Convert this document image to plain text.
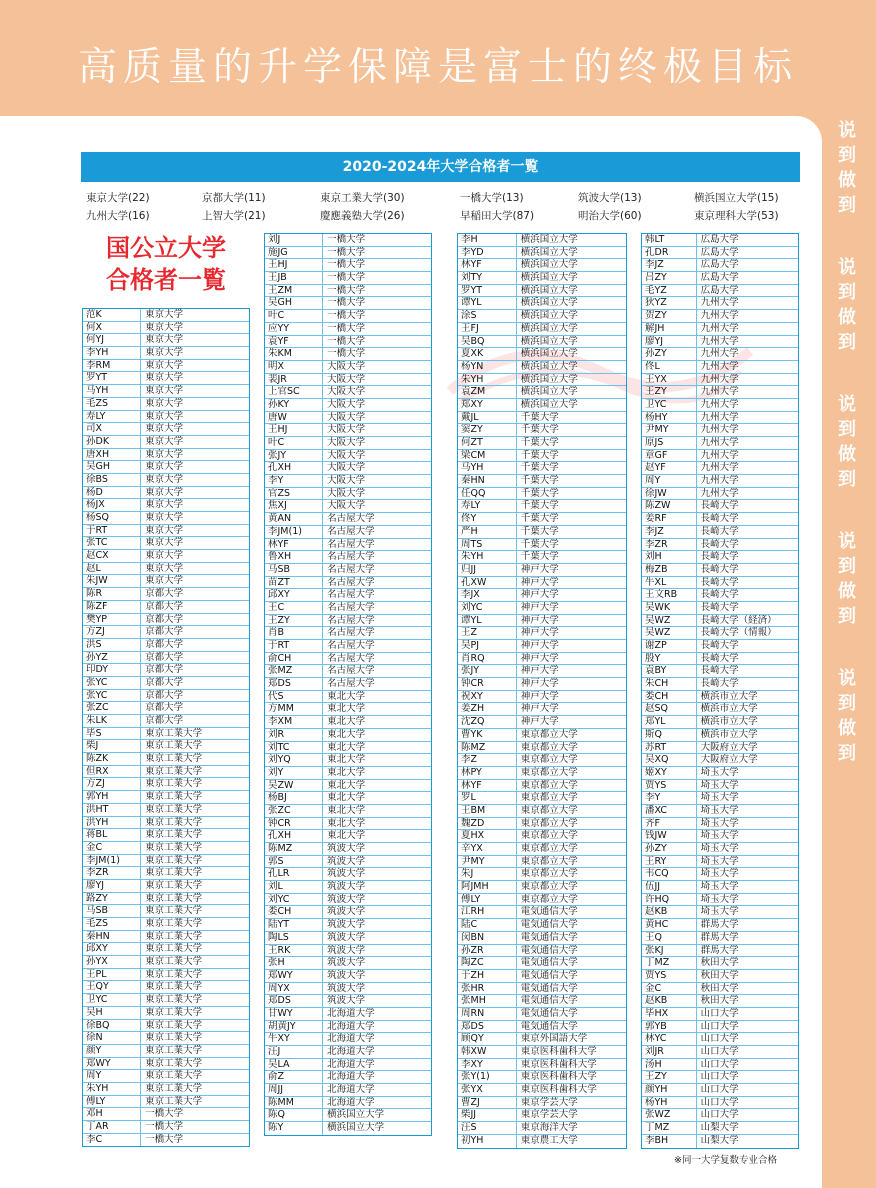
高质量的升学保障是富士的终极目标
说
到
做
到
说
到
做
到
说
到
做
到
说
到
做
到
说
到
做
到
2020-2024年大学合格者一覧
東京大学(22)	京都大学(11)	東京工業大学(30)	一橋大学(13)	筑波大学(13)	横浜国立大学(15)
九州大学(16)	上智大学(21)	慶應義塾大学(26)	早稲田大学(87)	明治大学(60)	東京理科大学(53)
国公立大学
合格者一覧
范K	東京大学
何X	東京大学
何YJ	東京大学
李YH	東京大学
李RM	東京大学
罗YT	東京大学
马YH	東京大学
毛ZS	東京大学
寿LY	東京大学
司X	東京大学
孙DK	東京大学
唐XH	東京大学
吴GH	東京大学
徐BS	東京大学
杨D	東京大学
杨JX	東京大学
杨SQ	東京大学
于RT	東京大学
张TC	東京大学
赵CX	東京大学
赵L	東京大学
朱JW	東京大学
陈R	京都大学
陈ZF	京都大学
樊YP	京都大学
方ZJ	京都大学
洪S	京都大学
孙YZ	京都大学
印DY	京都大学
张YC	京都大学
张YC	京都大学
张ZC	京都大学
朱LK	京都大学
毕S	東京工業大学
柴J	東京工業大学
陈ZK	東京工業大学
但RX	東京工業大学
方ZJ	東京工業大学
郭YH	東京工業大学
洪HT	東京工業大学
洪YH	東京工業大学
蒋BL	東京工業大学
金C	東京工業大学
李JM(1)	東京工業大学
李ZR	東京工業大学
廖YJ	東京工業大学
路ZY	東京工業大学
马SB	東京工業大学
毛ZS	東京工業大学
秦HN	東京工業大学
邱XY	東京工業大学
孙YX	東京工業大学
王PL	東京工業大学
王QY	東京工業大学
卫YC	東京工業大学
吴H	東京工業大学
徐BQ	東京工業大学
徐N	東京工業大学
颜Y	東京工業大学
郑WY	東京工業大学
周Y	東京工業大学
朱YH	東京工業大学
傅LY	東京工業大学
邓H	一橋大学
丁AR	一橋大学
李C	一橋大学
刘J	一橋大学
施JG	一橋大学
王HJ	一橋大学
王JB	一橋大学
王ZM	一橋大学
吴GH	一橋大学
叶C	一橋大学
应YY	一橋大学
袁YF	一橋大学
朱KM	一橋大学
明X	大阪大学
裴JR	大阪大学
上官SC	大阪大学
孙KY	大阪大学
唐W	大阪大学
王HJ	大阪大学
叶C	大阪大学
张JY	大阪大学
孔XH	大阪大学
李Y	大阪大学
官ZS	大阪大学
焦XJ	大阪大学
黄AN	名古屋大学
李JM(1)	名古屋大学
林YF	名古屋大学
鲁XH	名古屋大学
马SB	名古屋大学
苗ZT	名古屋大学
邱XY	名古屋大学
王C	名古屋大学
王ZY	名古屋大学
肖B	名古屋大学
于RT	名古屋大学
俞CH	名古屋大学
张MZ	名古屋大学
郑DS	名古屋大学
代S	東北大学
方MM	東北大学
李XM	東北大学
刘R	東北大学
刘TC	東北大学
刘YQ	東北大学
刘Y	東北大学
吴ZW	東北大学
杨BJ	東北大学
张ZC	東北大学
钟CR	東北大学
孔XH	東北大学
陈MZ	筑波大学
郭S	筑波大学
孔LR	筑波大学
刘L	筑波大学
刘YC	筑波大学
娄CH	筑波大学
陆YT	筑波大学
陶LS	筑波大学
王RK	筑波大学
张H	筑波大学
郑WY	筑波大学
周YX	筑波大学
郑DS	筑波大学
甘WY	北海道大学
胡黄JY	北海道大学
牛XY	北海道大学
汪J	北海道大学
吴LA	北海道大学
俞Z	北海道大学
周JJ	北海道大学
陈MM	北海道大学
陈Q	横浜国立大学
陈Y	横浜国立大学
李H	横浜国立大学
李YD	横浜国立大学
林YF	横浜国立大学
刘TY	横浜国立大学
罗YT	横浜国立大学
谭YL	横浜国立大学
涂S	横浜国立大学
王FJ	横浜国立大学
吴BQ	横浜国立大学
夏XK	横浜国立大学
杨YN	横浜国立大学
朱YH	横浜国立大学
袁ZM	横浜国立大学
郑XY	横浜国立大学
戴JL	千葉大学
窦ZY	千葉大学
何ZT	千葉大学
梁CM	千葉大学
马YH	千葉大学
秦HN	千葉大学
任QQ	千葉大学
寿LY	千葉大学
佟Y	千葉大学
严H	千葉大学
周TS	千葉大学
朱YH	千葉大学
归JJ	神戸大学
孔XW	神戸大学
李JX	神戸大学
刘YC	神戸大学
谭YL	神戸大学
王Z	神戸大学
吴PJ	神戸大学
肖RQ	神戸大学
张JY	神戸大学
钟CR	神戸大学
祝XY	神戸大学
姜ZH	神戸大学
沈ZQ	神戸大学
曹YK	東京都立大学
陈MZ	東京都立大学
李Z	東京都立大学
林PY	東京都立大学
林YF	東京都立大学
罗L	東京都立大学
王BM	東京都立大学
魏ZD	東京都立大学
夏HX	東京都立大学
辛YX	東京都立大学
尹MY	東京都立大学
朱J	東京都立大学
阿JMH	東京都立大学
傅LY	東京都立大学
江RH	電気通信大学
陆C	電気通信大学
闵BN	電気通信大学
孙ZR	電気通信大学
陶ZC	電気通信大学
于ZH	電気通信大学
张HR	電気通信大学
张MH	電気通信大学
周RN	電気通信大学
郑DS	電気通信大学
顾QY	東京外国語大学
韩XW	東京医科歯科大学
李XY	東京医科歯科大学
张Y(1)	東京医科歯科大学
张YX	東京医科歯科大学
曹ZJ	東京学芸大学
柴JJ	東京学芸大学
汪S	東京海洋大学
初YH	東京農工大学
韩LT	広島大学
孔DR	広島大学
李JZ	広島大学
吕ZY	広島大学
毛YZ	広島大学
狄YZ	九州大学
贺ZY	九州大学
解JH	九州大学
廖YJ	九州大学
孙ZY	九州大学
佟L	九州大学
王YX	九州大学
王ZY	九州大学
卫YC	九州大学
杨HY	九州大学
尹MY	九州大学
原JS	九州大学
章GF	九州大学
赵YF	九州大学
周Y	九州大学
徐JW	九州大学
陈ZW	長崎大学
姜RF	長崎大学
李JZ	長崎大学
李ZR	長崎大学
刘H	長崎大学
梅ZB	長崎大学
牛XL	長崎大学
王文RB	長崎大学
吴WK	長崎大学
吴WZ	長崎大学（経済）
吴WZ	長崎大学（情報）
谢ZP	長崎大学
殷Y	長崎大学
袁BY	長崎大学
朱CH	長崎大学
娄CH	横浜市立大学
赵SQ	横浜市立大学
郑YL	横浜市立大学
斯Q	横浜市立大学
苏RT	大阪府立大学
吴XQ	大阪府立大学
姬XY	埼玉大学
贾YS	埼玉大学
李Y	埼玉大学
潘XC	埼玉大学
齐F	埼玉大学
钱JW	埼玉大学
孙ZY	埼玉大学
王RY	埼玉大学
韦CQ	埼玉大学
伍JJ	埼玉大学
许HQ	埼玉大学
赵KB	埼玉大学
黄HC	群馬大学
王Q	群馬大学
张KJ	群馬大学
丁MZ	秋田大学
贾YS	秋田大学
金C	秋田大学
赵KB	秋田大学
毕HX	山口大学
郭YB	山口大学
林YC	山口大学
刘JR	山口大学
汤H	山口大学
王ZY	山口大学
颜YH	山口大学
杨YH	山口大学
张WZ	山口大学
丁MZ	山梨大学
李BH	山梨大学
※同一大学复数专业合格
